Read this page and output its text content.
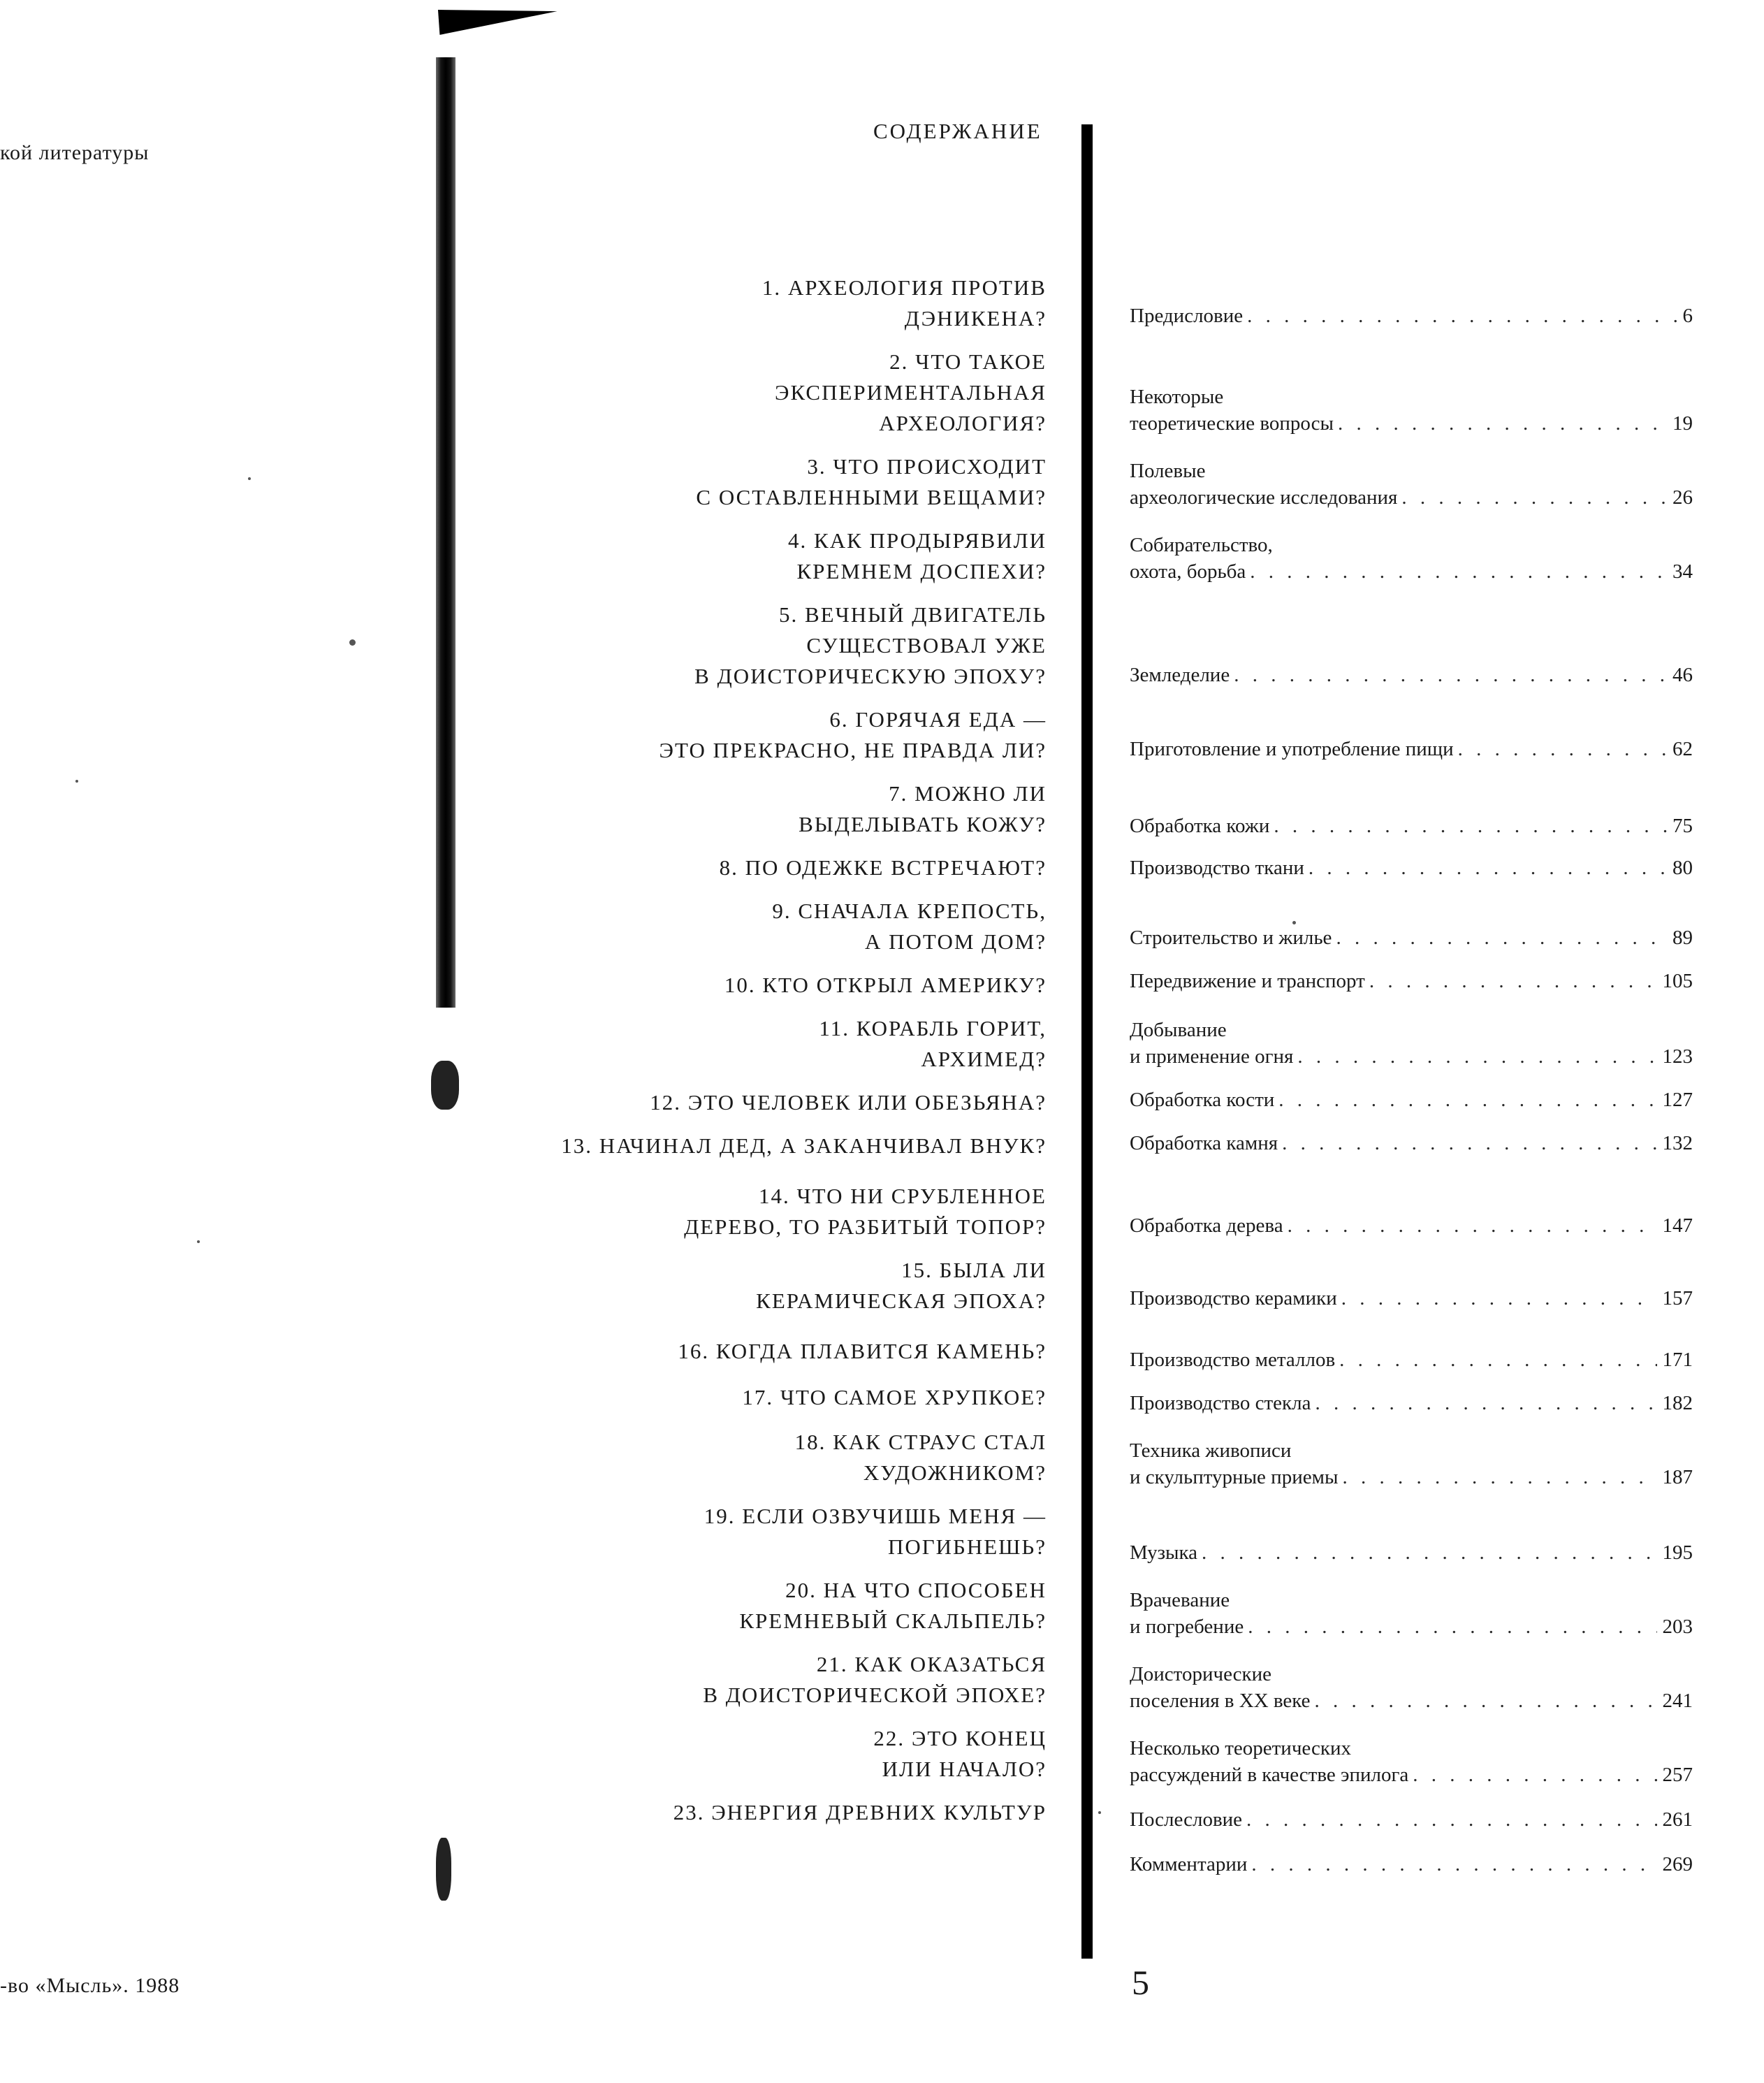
кой литературы
-во «Мысль». 1988
СОДЕРЖАНИЕ
1. АРХЕОЛОГИЯ ПРОТИВ
ДЭНИКЕНА?
2. ЧТО ТАКОЕ
ЭКСПЕРИМЕНТАЛЬНАЯ
АРХЕОЛОГИЯ?
3. ЧТО ПРОИСХОДИТ
С ОСТАВЛЕННЫМИ ВЕЩАМИ?
4. КАК ПРОДЫРЯВИЛИ
КРЕМНЕМ ДОСПЕХИ?
5. ВЕЧНЫЙ ДВИГАТЕЛЬ
СУЩЕСТВОВАЛ УЖЕ
В ДОИСТОРИЧЕСКУЮ ЭПОХУ?
6. ГОРЯЧАЯ ЕДА —
ЭТО ПРЕКРАСНО, НЕ ПРАВДА ЛИ?
7. МОЖНО ЛИ
ВЫДЕЛЫВАТЬ КОЖУ?
8. ПО ОДЕЖКЕ ВСТРЕЧАЮТ?
9. СНАЧАЛА КРЕПОСТЬ,
А ПОТОМ ДОМ?
10. КТО ОТКРЫЛ АМЕРИКУ?
11. КОРАБЛЬ ГОРИТ,
АРХИМЕД?
12. ЭТО ЧЕЛОВЕК ИЛИ ОБЕЗЬЯНА?
13. НАЧИНАЛ ДЕД, А ЗАКАНЧИВАЛ ВНУК?
14. ЧТО НИ СРУБЛЕННОЕ
ДЕРЕВО, ТО РАЗБИТЫЙ ТОПОР?
15. БЫЛА ЛИ
КЕРАМИЧЕСКАЯ ЭПОХА?
16. КОГДА ПЛАВИТСЯ КАМЕНЬ?
17. ЧТО САМОЕ ХРУПКОЕ?
18. КАК СТРАУС СТАЛ
ХУДОЖНИКОМ?
19. ЕСЛИ ОЗВУЧИШЬ МЕНЯ —
ПОГИБНЕШЬ?
20. НА ЧТО СПОСОБЕН
КРЕМНЕВЫЙ СКАЛЬПЕЛЬ?
21. КАК ОКАЗАТЬСЯ
В ДОИСТОРИЧЕСКОЙ ЭПОХЕ?
22. ЭТО КОНЕЦ
ИЛИ НАЧАЛО?
23. ЭНЕРГИЯ ДРЕВНИХ КУЛЬТУР
Предисловие . . .	6
Некоторые
теоретические вопросы . . .	19
Полевые
археологические исследования . . .	26
Собирательство,
охота, борьба . . .	34
Земледелие . . .	46
Приготовление и употребление пищи . . .	62
Обработка кожи . . .	75
Производство ткани . . .	80
Строительство и жилье . . .	89
Передвижение и транспорт . . .	105
Добывание
и применение огня . . .	123
Обработка кости . . .	127
Обработка камня . . .	132
Обработка дерева . . .	147
Производство керамики . . .	157
Производство металлов . . .	171
Производство стекла . . .	182
Техника живописи
и скульптурные приемы . . .	187
Музыка . . .	195
Врачевание
и погребение . . .	203
Доисторические
поселения в XX веке . . .	241
Несколько теоретических
рассуждений в качестве эпилога . . .	257
Послесловие . . .	261
Комментарии . . .	269
5
